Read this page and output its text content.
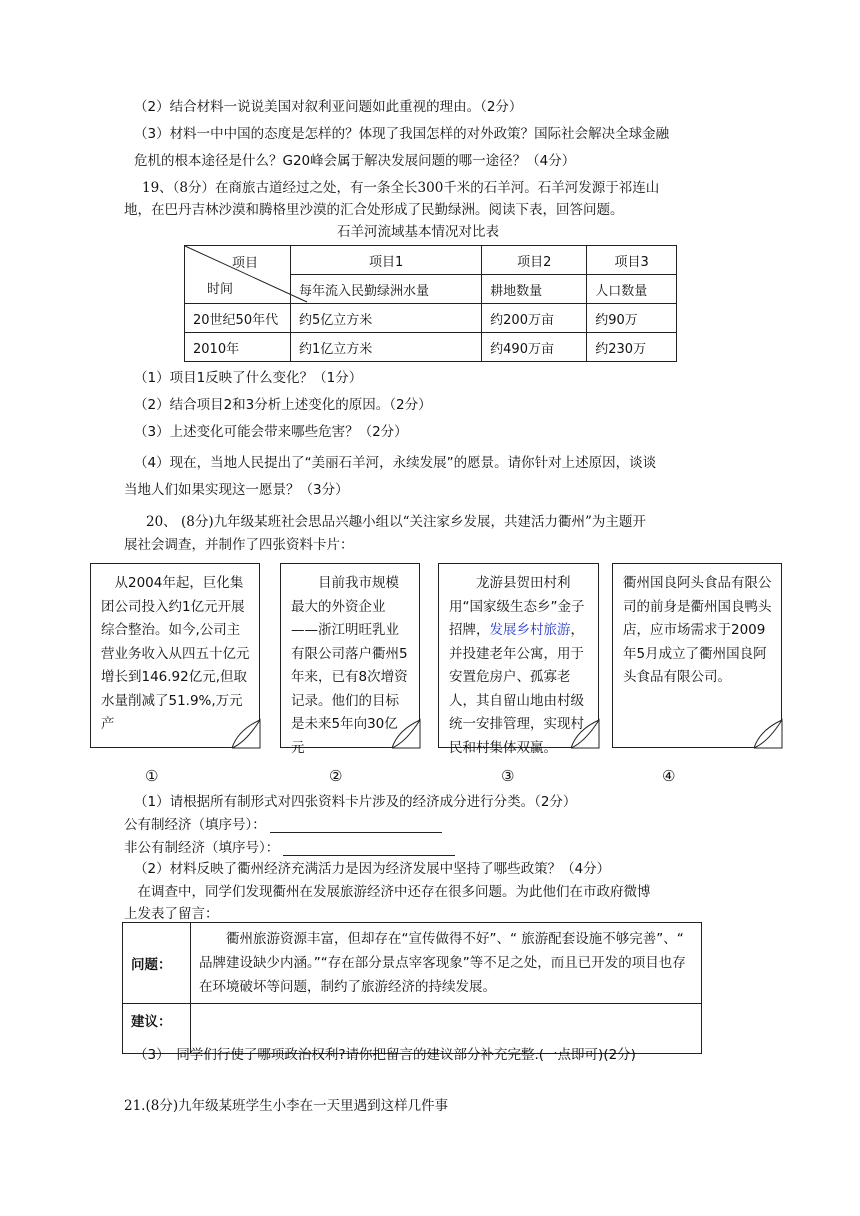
（2）结合材料一说说美国对叙利亚问题如此重视的理由。（2分）
（3）材料一中中国的态度是怎样的？体现了我国怎样的对外政策？国际社会解决全球金融
危机的根本途径是什么？G20峰会属于解决发展问题的哪一途径？（4分）
19、（8分）在商旅古道经过之处，有一条全长300千米的石羊河。石羊河发源于祁连山
地，在巴丹吉林沙漠和腾格里沙漠的汇合处形成了民勤绿洲。阅读下表，回答问题。
石羊河流域基本情况对比表
项目
时间	项目1	项目2	项目3
	每年流入民勤绿洲水量	耕地数量	人口数量
20世纪50年代	约5亿立方米	约200万亩	约90万
2010年	约1亿立方米	约490万亩	约230万
（1）项目1反映了什么变化？（1分）
（2）结合项目2和3分析上述变化的原因。（2分）
（3）上述变化可能会带来哪些危害？（2分）
（4）现在，当地人民提出了“美丽石羊河，永续发展”的愿景。请你针对上述原因，谈谈
当地人们如果实现这一愿景？（3分）
20、 (8分)九年级某班社会思品兴趣小组以“关注家乡发展，共建活力衢州”为主题开
展社会调查，并制作了四张资料卡片：
　从2004年起，巨化集团公司投入约1亿元开展综合整治。如今,公司主营业务收入从四五十亿元增长到146.92亿元,但取水量削减了51.9%,万元产
　　目前我市规模最大的外资企业——浙江明旺乳业有限公司落户衢州5年来，已有8次增资记录。他们的目标是未来5年向30亿元
　　龙游县贺田村利用“国家级生态乡”金子招牌，发展乡村旅游，并投建老年公寓，用于安置危房户、孤寡老人，其自留山地由村级统一安排管理，实现村民和村集体双赢。
衢州国良阿头食品有限公司的前身是衢州国良鸭头店，应市场需求于2009年5月成立了衢州国良阿头食品有限公司。
①	②	③	④
（1）请根据所有制形式对四张资料卡片涉及的经济成分进行分类。（2分）
公有制经济（填序号）：
非公有制经济（填序号）：
（2）材料反映了衢州经济充满活力是因为经济发展中坚持了哪些政策？（4分）
　在调查中，同学们发现衢州在发展旅游经济中还存在很多问题。为此他们在市政府微博
上发表了留言：
问题：	　　衢州旅游资源丰富，但却存在“宣传做得不好”、“ 旅游配套设施不够完善”、“ 品牌建设缺少内涵。”“存在部分景点宰客现象”等不足之处，而且已开发的项目也存在环境破坏等问题，制约了旅游经济的持续发展。
建议：	
（3）　同学们行使了哪项政治权利?请你把留言的建议部分补充完整.(一点即可)(2分)
21.(8分)九年级某班学生小李在一天里遇到这样几件事
